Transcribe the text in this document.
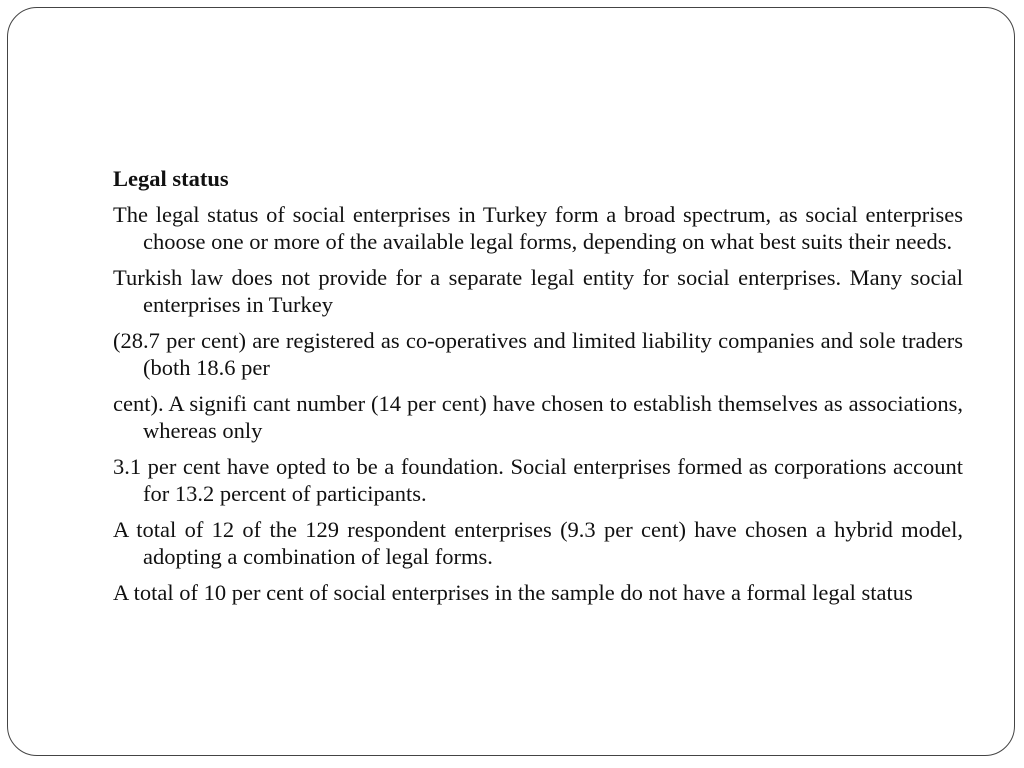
Legal status
The legal status of social enterprises in Turkey form a broad spectrum, as social enterprises choose one or more of the available legal forms, depending on what best suits their needs.
Turkish law does not provide for a separate legal entity for social enterprises. Many social enterprises in Turkey
(28.7 per cent) are registered as co-operatives and limited liability companies and sole traders (both 18.6 per
cent). A signifi cant number (14 per cent) have chosen to establish themselves as associations, whereas only
3.1 per cent have opted to be a foundation. Social enterprises formed as corporations account for 13.2 percent of participants.
A total of 12 of the 129 respondent enterprises (9.3 per cent) have chosen a hybrid model, adopting a combination of legal forms.
A total of 10 per cent of social enterprises in the sample do not have a formal legal status
